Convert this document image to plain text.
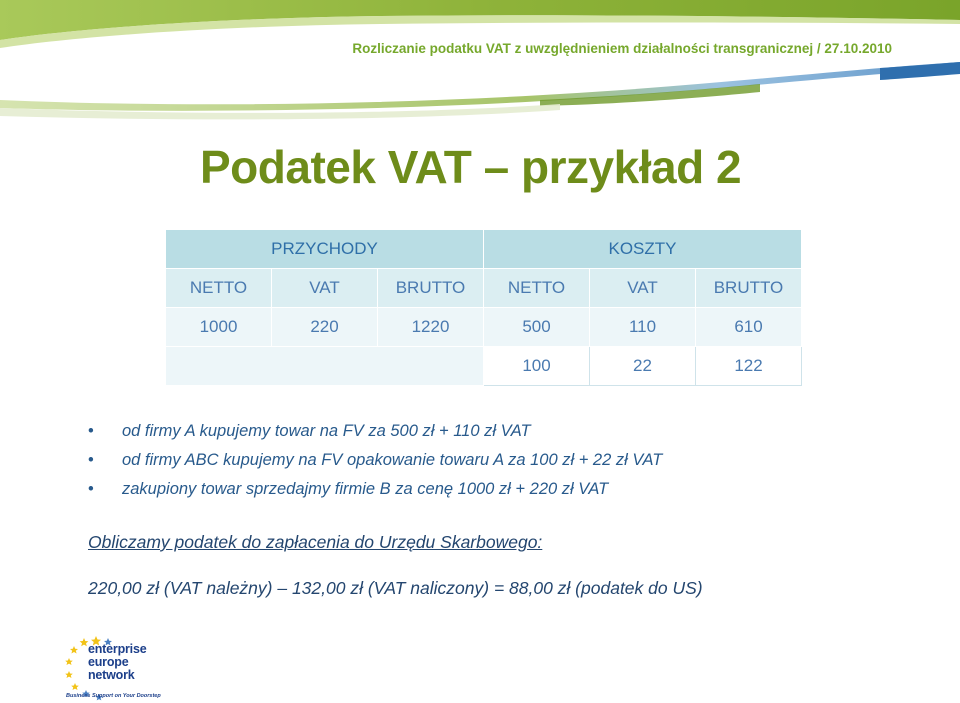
Rozliczanie podatku VAT z uwzględnieniem działalności transgranicznej / 27.10.2010
Podatek VAT – przykład 2
PRZYCHODY			KOSZTY		
NETTO	VAT	BRUTTO	NETTO	VAT	BRUTTO
1000	220	1220	500	110	610
			100	22	122
• od firmy A kupujemy towar na FV za 500 zł + 110 zł VAT
• od firmy ABC kupujemy na FV opakowanie towaru A za 100 zł + 22 zł VAT
• zakupiony towar sprzedajmy firmie B za cenę 1000 zł + 220 zł VAT
Obliczamy podatek do zapłacenia do Urzędu Skarbowego:
220,00 zł (VAT należny) – 132,00 zł (VAT naliczony) = 88,00 zł (podatek do US)
enterprise
europe
network
Business Support on Your Doorstep
